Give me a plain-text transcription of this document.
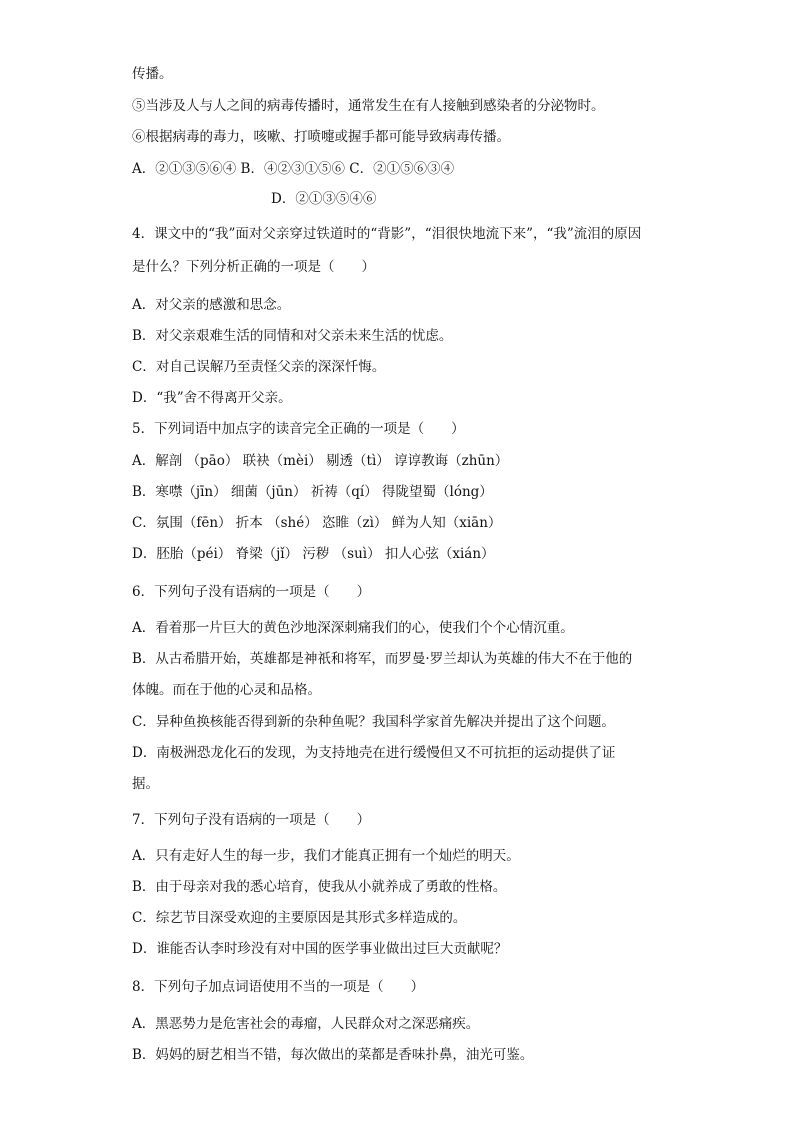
传播。
⑤当涉及人与人之间的病毒传播时，通常发生在有人接触到感染者的分泌物时。
⑥根据病毒的毒力，咳嗽、打喷嚏或握手都可能导致病毒传播。
A．②①③⑤⑥④ B．④②③①⑤⑥ C．②①⑤⑥③④
D．②①③⑤④⑥
4．课文中的“我”面对父亲穿过铁道时的“背影”，“泪很快地流下来”，“我”流泪的原因
是什么？下列分析正确的一项是（　　）
A．对父亲的感激和思念。
B．对父亲艰难生活的同情和对父亲未来生活的忧虑。
C．对自己误解乃至责怪父亲的深深忏悔。
D．“我”舍不得离开父亲。
5．下列词语中加点字的读音完全正确的一项是（　　）
A．解剖 （pāo） 联袂（mèi） 剔透（tì） 谆谆教诲（zhūn）
B．寒噤（jīn） 细菌（jūn） 祈祷（qí） 得陇望蜀（lóng）
C．氛围（fēn） 折本 （shé） 恣睢（zì） 鲜为人知（xiān）
D．胚胎（péi） 脊梁（jǐ） 污秽 （suì） 扣人心弦（xián）
6．下列句子没有语病的一项是（　　）
A．看着那一片巨大的黄色沙地深深刺痛我们的心，使我们个个心情沉重。
B．从古希腊开始，英雄都是神祇和将军，而罗曼·罗兰却认为英雄的伟大不在于他的
体魄。而在于他的心灵和品格。
C．异种鱼换核能否得到新的杂种鱼呢？我国科学家首先解决并提出了这个问题。
D．南极洲恐龙化石的发现，为支持地壳在进行缓慢但又不可抗拒的运动提供了证
据。
7．下列句子没有语病的一项是（　　）
A．只有走好人生的每一步，我们才能真正拥有一个灿烂的明天。
B．由于母亲对我的悉心培育，使我从小就养成了勇敢的性格。
C．综艺节目深受欢迎的主要原因是其形式多样造成的。
D．谁能否认李时珍没有对中国的医学事业做出过巨大贡献呢？
8．下列句子加点词语使用不当的一项是（　　）
A．黑恶势力是危害社会的毒瘤，人民群众对之深恶痛疾。
B．妈妈的厨艺相当不错，每次做出的菜都是香味扑鼻，油光可鉴。
